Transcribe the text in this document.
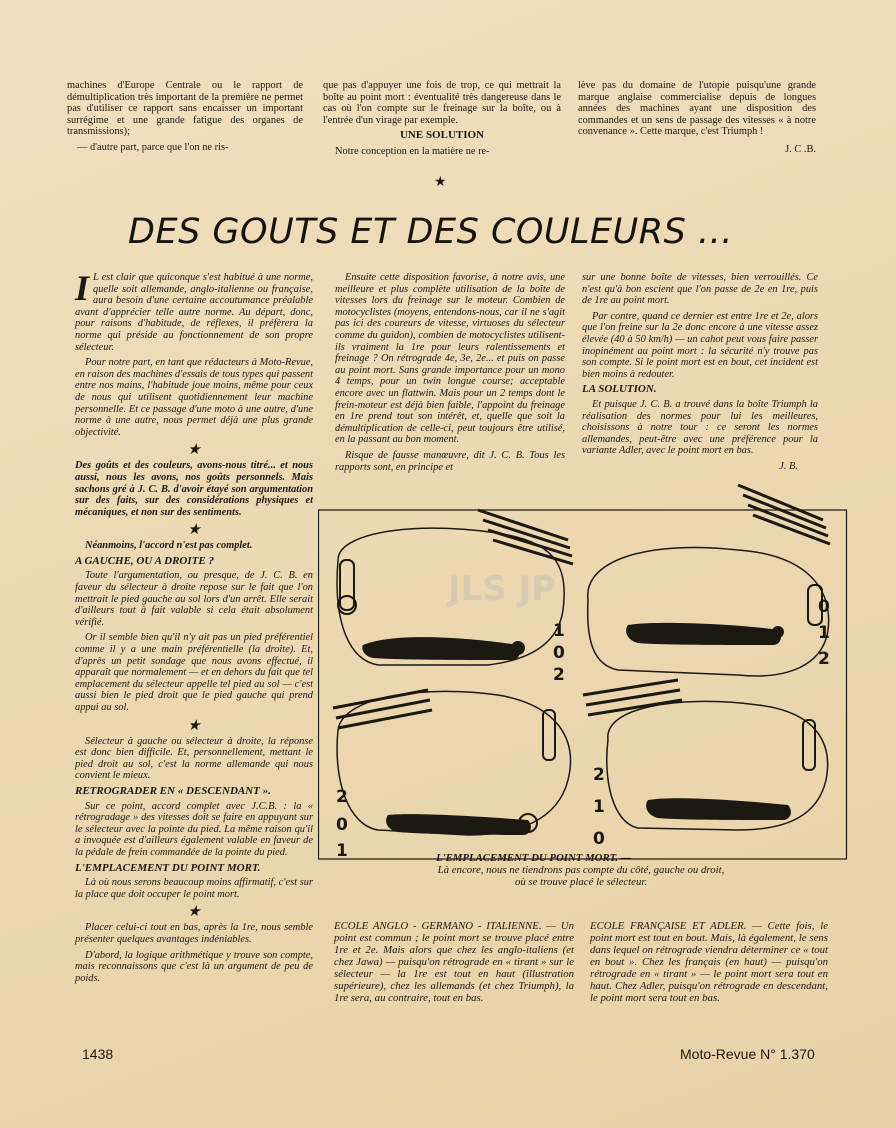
machines d'Europe Centrale ou le rapport de démultiplication très important de la première ne permet pas d'utiliser ce rapport sans encaisser un important surrégime et une grande fatigue des organes de transmissions);

— d'autre part, parce que l'on ne ris-

que pas d'appuyer une fois de trop, ce qui mettrait la boîte au point mort : éventualité très dangereuse dans le cas où l'on compte sur le freinage sur la boîte, ou à l'entrée d'un virage par exemple.

UNE SOLUTION

Notre conception en la matière ne re-

lève pas du domaine de l'utopie puisqu'une grande marque anglaise commercialise depuis de longues années des machines ayant une disposition des commandes et un sens de passage des vitesses « à notre convenance ». Cette marque, c'est Triumph !

J. C .B.

★
DES GOUTS ET DES COULEURS ...

I L est clair que quiconque s'est habitué à une norme, quelle soit allemande, anglo-italienne ou française, aura besoin d'une certaine accoutumance préalable avant d'apprécier telle autre norme. Au départ, donc, pour raisons d'habitude, de réflexes, il préfèrera la norme qui préside au fonctionnement de son propre sélecteur.

Pour notre part, en tant que rédacteurs à Moto-Revue, en raison des machines d'essais de tous types qui passent entre nos mains, l'habitude joue moins, même pour ceux de nous qui utilisent quotidiennement leur machine personnelle. Et ce passage d'une moto à une autre, d'une norme à une autre, nous permet déjà une plus grande objectivité.

★

Des goûts et des couleurs, avons-nous titré... et nous aussi, nous les avons, nos goûts personnels. Mais sachons gré à J. C. B. d'avoir étayé son argumentation sur des faits, sur des considérations physiques et mécaniques, et non sur des sentiments.

★

Néanmoins, l'accord n'est pas complet.

A GAUCHE, OU A DROITE ?

Toute l'argumentation, ou presque, de J. C. B. en faveur du sélecteur à droite repose sur le fait que l'on mettrait le pied gauche au sol lors d'un arrêt. Elle serait d'ailleurs tout à fait valable si cela était absolument vérifié.

Or il semble bien qu'il n'y ait pas un pied préférentiel comme il y a une main préférentielle (la droite). Et, d'après un petit sondage que nous avons effectué, il apparaît que normalement — et en dehors du fait que tel emplacement du sélecteur appelle tel pied au sol — c'est aussi bien le pied droit que le pied gauche qui prend appui au sol.

★

Sélecteur à gauche ou sélecteur à droite, la réponse est donc bien difficile. Et, personnellement, mettant le pied droit au sol, c'est la norme allemande qui nous convient le mieux.

RETROGRADER EN « DESCENDANT ».

Sur ce point, accord complet avec J.C.B. : la « rétrogradage » des vitesses doit se faire en appuyant sur le sélecteur avec la pointe du pied. La même raison qu'il a invoquée est d'ailleurs également valable en faveur de la pédale de frein commandée de la pointe du pied.

L'EMPLACEMENT DU POINT MORT.

Là où nous serons beaucoup moins affirmatif, c'est sur la place que doit occuper le point mort.

★

Placer celui-ci tout en bas, après la 1re, nous semble présenter quelques avantages indéniables.

D'abord, la logique arithmétique y trouve son compte, mais reconnaissons que c'est là un argument de peu de poids.

Ensuite cette disposition favorise, à notre avis, une meilleure et plus complète utilisation de la boîte de vitesses lors du freinage sur le moteur. Combien de motocyclistes (moyens, entendons-nous, car il ne s'agit pas ici des coureurs de vitesse, virtuoses du sélecteur comme du guidon), combien de motocyclistes utilisent-ils vraiment la 1re pour leurs ralentissements et freinage ? On rétrograde 4e, 3e, 2e... et puis on passe au point mort. Sans grande importance pour un mono 4 temps, pour un twin longue course; acceptable encore avec un flattwin. Mais pour un 2 temps dont le frein-moteur est déjà bien faible, l'appoint du freinage en 1re prend tout son intérêt, et, quelle que soit la démultiplication de celle-ci, peut toujours être utilisé, en la passant au bon moment.

Risque de fausse manœuvre, dit J. C. B. Tous les rapports sont, en principe et

sur une bonne boîte de vitesses, bien verrouillés. Ce n'est qu'à bon escient que l'on passe de 2e en 1re, puis de 1re au point mort.

Par contre, quand ce dernier est entre 1re et 2e, alors que l'on freine sur la 2e donc encore à une vitesse assez élevée (40 à 50 km/h) — un cahot peut vous faire passer inopinément au point mort : la sécurité n'y trouve pas son compte. Si le point mort est en bout, cet incident est bien moins à redouter.

LA SOLUTION.

Et puisque J. C. B. a trouvé dans la boîte Triumph la réalisation des normes pour lui les meilleures, choisissons à notre tour : ce seront les normes allemandes, peut-être avec une préférence pour la variante Adler, avec le point mort en bas.

J. B.

JLS JP
1
0
2
0
1
2
2
0
1
2
1
0
L'EMPLACEMENT DU POINT MORT. —
Là encore, nous ne tiendrons pas compte du côté, gauche ou droit, où se trouve placé le sélecteur.
ECOLE ANGLO - GERMANO - ITALIENNE. — Un point est commun ; le point mort se trouve placé entre 1re et 2e. Mais alors que chez les anglo-italiens (et chez Jawa) — puisqu'on rétrograde en « tirant » sur le sélecteur — la 1re est tout en haut (illustration supérieure), chez les allemands (et chez Triumph), la 1re sera, au contraire, tout en bas.
ECOLE FRANÇAISE ET ADLER. — Cette fois, le point mort est tout en bout. Mais, là également, le sens dans lequel on rétrograde viendra déterminer ce « tout en bout ». Chez les français (en haut) — puisqu'on rétrograde en « tirant » — le point mort sera tout en haut. Chez Adler, puisqu'on rétrograde en descendant, le point mort sera tout en bas.
1438	Moto-Revue N° 1.370
